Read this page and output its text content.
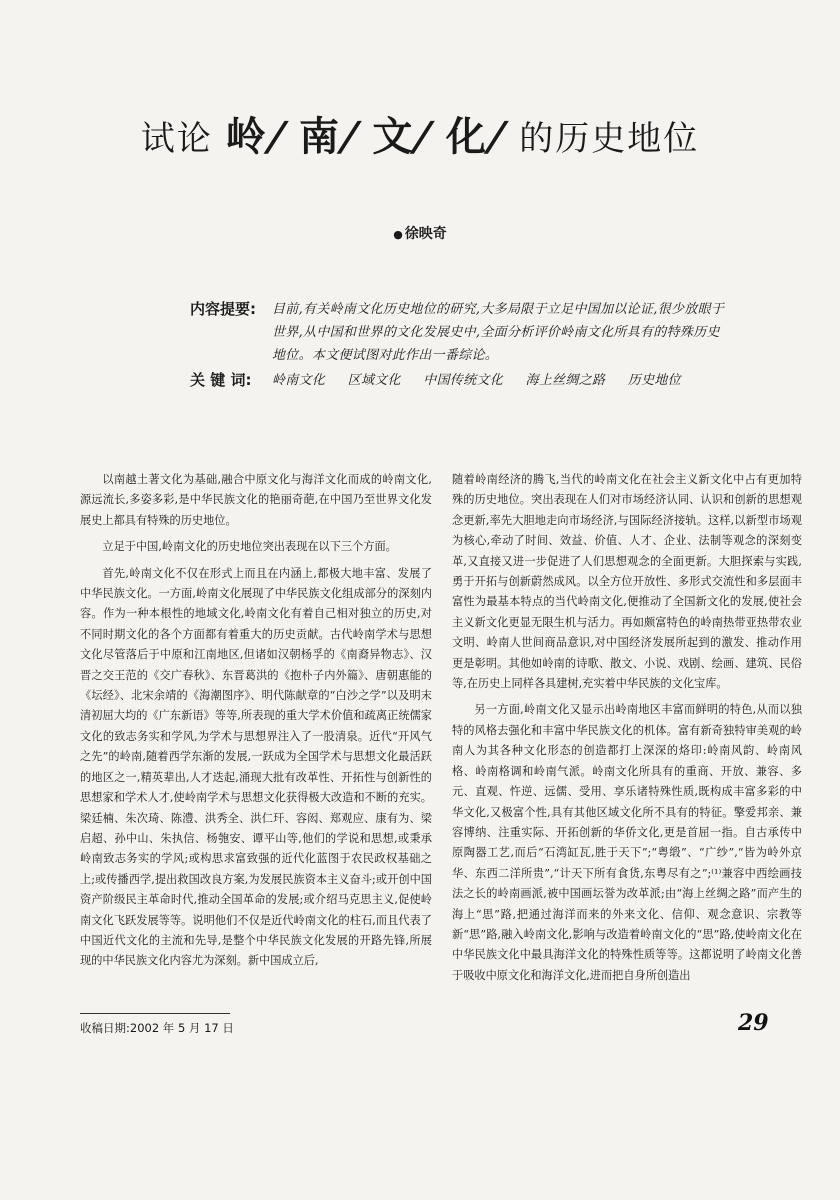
试论 岭/ 南/ 文/ 化/ 的历史地位
● 徐映奇
内容提要:	目前,有关岭南文化历史地位的研究,大多局限于立足中国加以论证,很少放眼于世界,从中国和世界的文化发展史中,全面分析评价岭南文化所具有的特殊历史地位。本文便试图对此作出一番综论。
关 键 词:	岭南文化 区域文化 中国传统文化 海上丝绸之路 历史地位

以南越土著文化为基础,融合中原文化与海洋文化而成的岭南文化,源远流长,多姿多彩,是中华民族文化的艳丽奇葩,在中国乃至世界文化发展史上都具有特殊的历史地位。

立足于中国,岭南文化的历史地位突出表现在以下三个方面。

首先,岭南文化不仅在形式上而且在内涵上,都极大地丰富、发展了中华民族文化。一方面,岭南文化展现了中华民族文化组成部分的深刻内容。作为一种本根性的地域文化,岭南文化有着自己相对独立的历史,对不同时期文化的各个方面都有着重大的历史贡献。古代岭南学术与思想文化尽管落后于中原和江南地区,但诸如汉朝杨孚的《南裔异物志》、汉晋之交王范的《交广春秋》、东晋葛洪的《抱朴子内外篇》、唐朝惠能的《坛经》、北宋余靖的《海潮图序》、明代陈献章的“白沙之学”以及明末清初屈大均的《广东新语》等等,所表现的重大学术价值和疏离正统儒家文化的致志务实和学风,为学术与思想界注入了一股清泉。近代“开风气之先”的岭南,随着西学东渐的发展,一跃成为全国学术与思想文化最活跃的地区之一,精英辈出,人才迭起,涌现大批有改革性、开拓性与创新性的思想家和学术人才,使岭南学术与思想文化获得极大改造和不断的充实。梁廷楠、朱次琦、陈澧、洪秀全、洪仁玕、容闳、郑观应、康有为、梁启超、孙中山、朱执信、杨匏安、谭平山等,他们的学说和思想,或秉承岭南致志务实的学风;或构思求富致强的近代化蓝图于农民政权基础之上;或传播西学,提出救国改良方案,为发展民族资本主义奋斗;或开创中国资产阶级民主革命时代,推动全国革命的发展;或介绍马克思主义,促使岭南文化飞跃发展等等。说明他们不仅是近代岭南文化的柱石,而且代表了中国近代文化的主流和先导,是整个中华民族文化发展的开路先锋,所展现的中华民族文化内容尤为深刻。新中国成立后,

随着岭南经济的腾飞,当代的岭南文化在社会主义新文化中占有更加特殊的历史地位。突出表现在人们对市场经济认同、认识和创新的思想观念更新,率先大胆地走向市场经济,与国际经济接轨。这样,以新型市场观为核心,牵动了时间、效益、价值、人才、企业、法制等观念的深刻变革,又直接又进一步促进了人们思想观念的全面更新。大胆探索与实践,勇于开拓与创新蔚然成风。以全方位开放性、多形式交流性和多层面丰富性为最基本特点的当代岭南文化,便推动了全国新文化的发展,使社会主义新文化更显无限生机与活力。再如颇富特色的岭南热带亚热带农业文明、岭南人世间商品意识,对中国经济发展所起到的激发、推动作用更是彰明。其他如岭南的诗歌、散文、小说、戏剧、绘画、建筑、民俗等,在历史上同样各具建树,充实着中华民族的文化宝库。

另一方面,岭南文化又显示出岭南地区丰富而鲜明的特色,从而以独特的风格去强化和丰富中华民族文化的机体。富有新奇独特审美观的岭南人为其各种文化形态的创造都打上深深的烙印:岭南风韵、岭南风格、岭南格调和岭南气派。岭南文化所具有的重商、开放、兼容、多元、直观、忤逆、远儒、受用、享乐诸特殊性质,既构成丰富多彩的中华文化,又极富个性,具有其他区域文化所不具有的特征。擎爱邦亲、兼容博纳、注重实际、开拓创新的华侨文化,更是首屈一指。自古承传中原陶器工艺,而后“石湾缸瓦,胜于天下”;“粤缎”、“广纱”,“皆为岭外京华、东西二洋所贵”,“计天下所有食货,东粤尽有之”;⁽¹⁾兼容中西绘画技法之长的岭南画派,被中国画坛誉为改革派;由“海上丝绸之路”而产生的海上“思”路,把通过海洋而来的外来文化、信仰、观念意识、宗教等新“思”路,融入岭南文化,影响与改造着岭南文化的“思”路,使岭南文化在中华民族文化中最具海洋文化的特殊性质等等。这都说明了岭南文化善于吸收中原文化和海洋文化,进而把自身所创造出

收稿日期:2002 年 5 月 17 日	29
